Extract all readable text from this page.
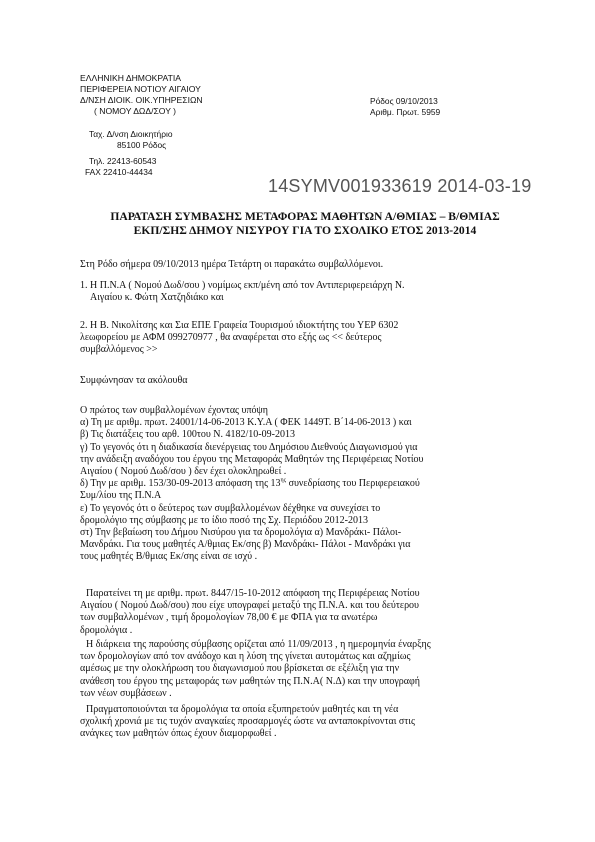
ΕΛΛΗΝΙΚΗ ΔΗΜΟΚΡΑΤΙΑ
ΠΕΡΙΦΕΡΕΙΑ ΝΟΤΙΟΥ ΑΙΓΑΙΟΥ
Δ/ΝΣΗ ΔΙΟΙΚ. ΟΙΚ.ΥΠΗΡΕΣΙΩΝ
( ΝΟΜΟΥ ΔΩΔ/ΣΟΥ )
Ρόδος 09/10/2013
Αριθμ. Πρωτ. 5959
Ταχ. Δ/νση Διοικητήριο
85100 Ρόδος
Τηλ. 22413-60543
FAX 22410-44434
14SYMV001933619 2014-03-19
ΠΑΡΑΤΑΣΗ ΣΥΜΒΑΣΗΣ ΜΕΤΑΦΟΡΑΣ ΜΑΘΗΤΩΝ Α/ΘΜΙΑΣ – Β/ΘΜΙΑΣ
ΕΚΠ/ΣΗΣ ΔΗΜΟΥ ΝΙΣΥΡΟΥ ΓΙΑ ΤΟ ΣΧΟΛΙΚΟ ΕΤΟΣ 2013-2014

Στη Ρόδο σήμερα 09/10/2013 ημέρα Τετάρτη οι παρακάτω συμβαλλόμενοι.

1. Η Π.Ν.Α ( Νομού Δωδ/σου ) νομίμως εκπ/μένη από τον Αντιπεριφερειάρχη Ν.

Αιγαίου κ. Φώτη Χατζηδιάκο και

2. Η Β. Νικολίτσης και Σια ΕΠΕ Γραφεία Τουρισμού ιδιοκτήτης του ΥΕΡ 6302

λεωφορείου με ΑΦΜ 099270977 , θα αναφέρεται στο εξής ως << δεύτερος

συμβαλλόμενος >>

Συμφώνησαν τα ακόλουθα

Ο πρώτος των συμβαλλομένων έχοντας υπόψη

α) Τη με αριθμ. πρωτ. 24001/14-06-2013 Κ.Υ.Α ( ΦΕΚ 1449Τ. Β΄14-06-2013 ) και

β) Τις διατάξεις του αρθ. 100του Ν. 4182/10-09-2013

γ) Το γεγονός ότι η διαδικασία διενέργειας του Δημόσιου Διεθνούς Διαγωνισμού για

την ανάδειξη αναδόχου του έργου της Μεταφοράς Μαθητών της Περιφέρειας Νοτίου

Αιγαίου ( Νομού Δωδ/σου ) δεν έχει ολοκληρωθεί .

δ) Την με αριθμ. 153/30-09-2013 απόφαση της $13^{\eta\varsigma}$ συνεδρίασης του Περιφερειακού

Συμ/λίου της Π.Ν.Α

ε) Το γεγονός ότι ο δεύτερος των συμβαλλομένων δέχθηκε να συνεχίσει το

δρομολόγιο της σύμβασης με το ίδιο ποσό της Σχ. Περιόδου 2012-2013

στ) Την βεβαίωση του Δήμου Νισύρου για τα δρομολόγια α) Μανδράκι- Πάλοι-

Μανδράκι. Για τους μαθητές Α/θμιας Εκ/σης β) Μανδράκι- Πάλοι - Μανδράκι για

τους μαθητές Β/θμιας Εκ/σης είναι σε ισχύ .

Παρατείνει τη με αριθμ. πρωτ. 8447/15-10-2012 απόφαση της Περιφέρειας Νοτίου

Αιγαίου ( Νομού Δωδ/σου) που είχε υπογραφεί μεταξύ της Π.Ν.Α. και του δεύτερου

των συμβαλλομένων , τιμή δρομολογίων 78,00 € με ΦΠΑ για τα ανωτέρω

δρομολόγια .

Η διάρκεια της παρούσης σύμβασης ορίζεται από 11/09/2013 , η ημερομηνία έναρξης

των δρομολογίων από τον ανάδοχο και η λύση της γίνεται αυτομάτως και αζημίως

αμέσως με την ολοκλήρωση του διαγωνισμού που βρίσκεται σε εξέλιξη για την

ανάθεση του έργου της μεταφοράς των μαθητών της Π.Ν.Α( Ν.Δ) και την υπογραφή

των νέων συμβάσεων .

Πραγματοποιούνται τα δρομολόγια τα οποία εξυπηρετούν μαθητές και τη νέα

σχολική χρονιά με τις τυχόν αναγκαίες προσαρμογές ώστε να ανταποκρίνονται στις

ανάγκες των μαθητών όπως έχουν διαμορφωθεί .
